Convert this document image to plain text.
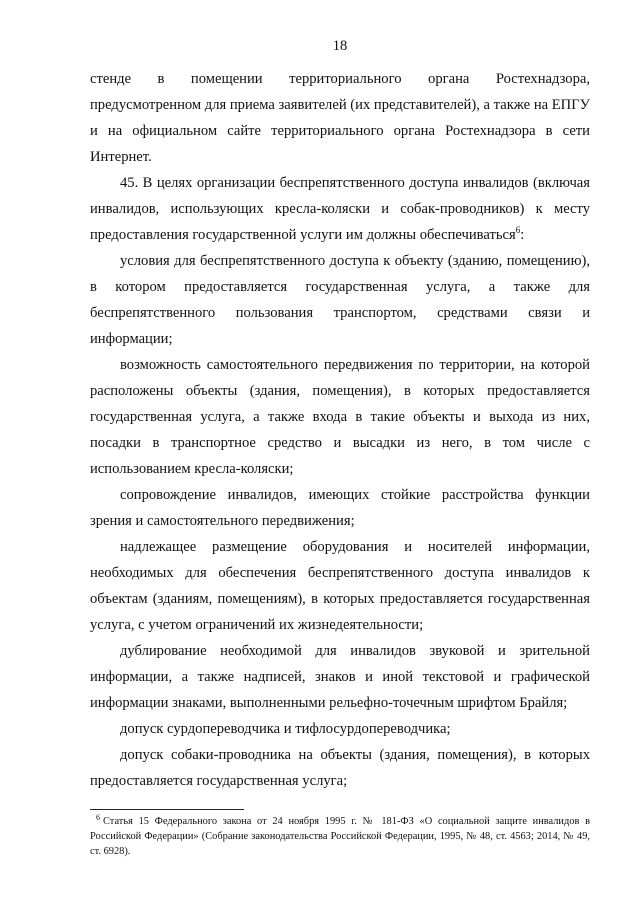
18

стенде в помещении территориального органа Ростехнадзора, предусмотренном для приема заявителей (их представителей), а также на ЕПГУ и на официальном сайте территориального органа Ростехнадзора в сети Интернет.

45. В целях организации беспрепятственного доступа инвалидов (включая инвалидов, использующих кресла-коляски и собак-проводников) к месту предоставления государственной услуги им должны обеспечиваться$^6$:

условия для беспрепятственного доступа к объекту (зданию, помещению), в котором предоставляется государственная услуга, а также для беспрепятственного пользования транспортом, средствами связи и информации;

возможность самостоятельного передвижения по территории, на которой расположены объекты (здания, помещения), в которых предоставляется государственная услуга, а также входа в такие объекты и выхода из них, посадки в транспортное средство и высадки из него, в том числе с использованием кресла-коляски;

сопровождение инвалидов, имеющих стойкие расстройства функции зрения и самостоятельного передвижения;

надлежащее размещение оборудования и носителей информации, необходимых для обеспечения беспрепятственного доступа инвалидов к объектам (зданиям, помещениям), в которых предоставляется государственная услуга, с учетом ограничений их жизнедеятельности;

дублирование необходимой для инвалидов звуковой и зрительной информации, а также надписей, знаков и иной текстовой и графической информации знаками, выполненными рельефно-точечным шрифтом Брайля;

допуск сурдопереводчика и тифлосурдопереводчика;

допуск собаки-проводника на объекты (здания, помещения), в которых предоставляется государственная услуга;

$^6$ Статья 15 Федерального закона от 24 ноября 1995 г. № 181-ФЗ «О социальной защите инвалидов в Российской Федерации» (Собрание законодательства Российской Федерации, 1995, № 48, ст. 4563; 2014, № 49, ст. 6928).
